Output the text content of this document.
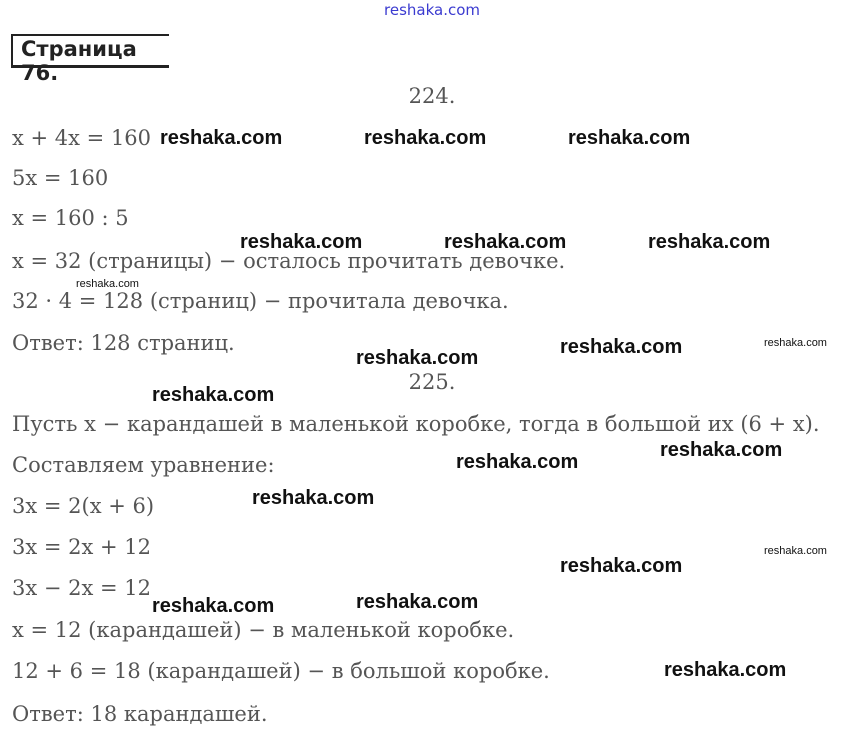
reshaka.com
Страница 76.
224.
x + 4x = 160
5x = 160
x = 160 : 5
x = 32 (страницы) − осталось прочитать девочке.
32 · 4 = 128 (страниц) − прочитала девочка.
Ответ: 128 страниц.
225.
Пусть x − карандашей в маленькой коробке, тогда в большой их (6 + x).
Составляем уравнение:
3x = 2(x + 6)
3x = 2x + 12
3x − 2x = 12
x = 12 (карандашей) − в маленькой коробке.
12 + 6 = 18 (карандашей) − в большой коробке.
Ответ: 18 карандашей.
reshaka.com	reshaka.com	reshaka.com
reshaka.com	reshaka.com	reshaka.com
reshaka.com
reshaka.com	reshaka.com	reshaka.com
reshaka.com
reshaka.com
reshaka.com
reshaka.com
reshaka.com
reshaka.com
reshaka.com	reshaka.com
reshaka.com
